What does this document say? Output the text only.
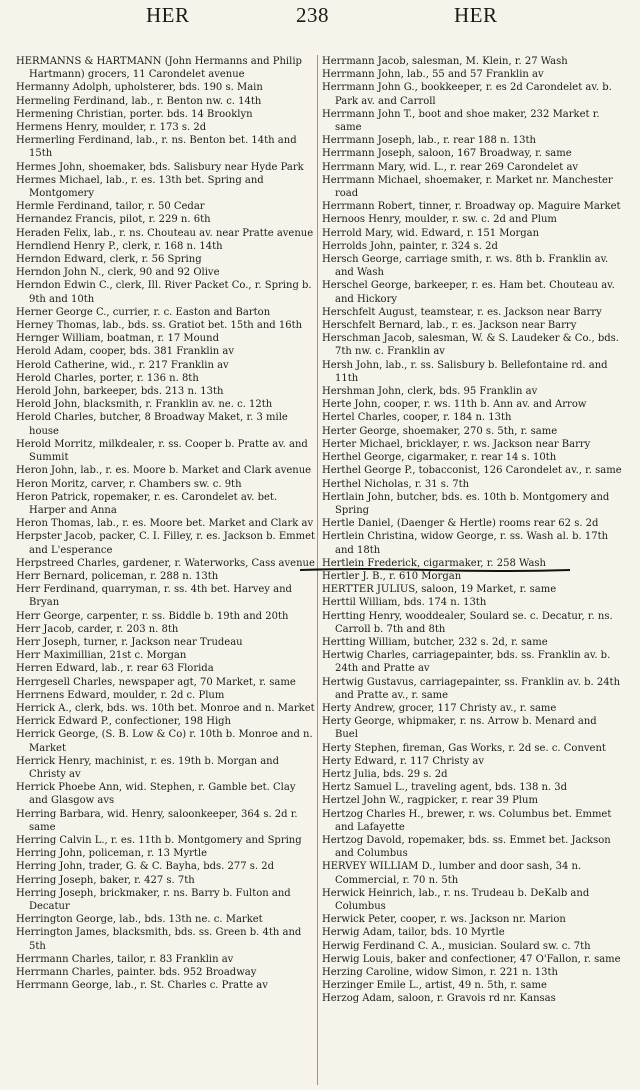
HER	238	HER
HERMANNS & HARTMANN (John Hermanns and Philip Hartmann) grocers, 11 Carondelet avenue
Hermanny Adolph, upholsterer, bds. 190 s. Main
Hermeling Ferdinand, lab., r. Benton nw. c. 14th
Hermening Christian, porter. bds. 14 Brooklyn
Hermens Henry, moulder, r. 173 s. 2d
Hermerling Ferdinand, lab., r. ns. Benton bet. 14th and 15th
Hermes John, shoemaker, bds. Salisbury near Hyde Park
Hermes Michael, lab., r. es. 13th bet. Spring and Montgomery
Hermle Ferdinand, tailor, r. 50 Cedar
Hernandez Francis, pilot, r. 229 n. 6th
Heraden Felix, lab., r. ns. Chouteau av. near Pratte avenue
Herndlend Henry P., clerk, r. 168 n. 14th
Herndon Edward, clerk, r. 56 Spring
Herndon John N., clerk, 90 and 92 Olive
Herndon Edwin C., clerk, Ill. River Packet Co., r. Spring b. 9th and 10th
Herner George C., currier, r. c. Easton and Barton
Herney Thomas, lab., bds. ss. Gratiot bet. 15th and 16th
Hernger William, boatman, r. 17 Mound
Herold Adam, cooper, bds. 381 Franklin av
Herold Catherine, wid., r. 217 Franklin av
Herold Charles, porter, r. 136 n. 8th
Herold John, barkeeper, bds. 213 n. 13th
Herold John, blacksmith, r. Franklin av. ne. c. 12th
Herold Charles, butcher, 8 Broadway Maket, r. 3 mile house
Herold Morritz, milkdealer, r. ss. Cooper b. Pratte av. and Summit
Heron John, lab., r. es. Moore b. Market and Clark avenue
Heron Moritz, carver, r. Chambers sw. c. 9th
Heron Patrick, ropemaker, r. es. Carondelet av. bet. Harper and Anna
Heron Thomas, lab., r. es. Moore bet. Market and Clark av
Herpster Jacob, packer, C. I. Filley, r. es. Jackson b. Emmet and L'esperance
Herpstreed Charles, gardener, r. Waterworks, Cass avenue
Herr Bernard, policeman, r. 288 n. 13th
Herr Ferdinand, quarryman, r. ss. 4th bet. Harvey and Bryan
Herr George, carpenter, r. ss. Biddle b. 19th and 20th
Herr Jacob, carder, r. 203 n. 8th
Herr Joseph, turner, r. Jackson near Trudeau
Herr Maximillian, 21st c. Morgan
Herren Edward, lab., r. rear 63 Florida
Herrgesell Charles, newspaper agt, 70 Market, r. same
Herrnens Edward, moulder, r. 2d c. Plum
Herrick A., clerk, bds. ws. 10th bet. Monroe and n. Market
Herrick Edward P., confectioner, 198 High
Herrick George, (S. B. Low & Co) r. 10th b. Monroe and n. Market
Herrick Henry, machinist, r. es. 19th b. Morgan and Christy av
Herrick Phoebe Ann, wid. Stephen, r. Gamble bet. Clay and Glasgow avs
Herring Barbara, wid. Henry, saloonkeeper, 364 s. 2d r. same
Herring Calvin L., r. es. 11th b. Montgomery and Spring
Herring John, policeman, r. 13 Myrtle
Herring John, trader, G. & C. Bayha, bds. 277 s. 2d
Herring Joseph, baker, r. 427 s. 7th
Herring Joseph, brickmaker, r. ns. Barry b. Fulton and Decatur
Herrington George, lab., bds. 13th ne. c. Market
Herrington James, blacksmith, bds. ss. Green b. 4th and 5th
Herrmann Charles, tailor, r. 83 Franklin av
Herrmann Charles, painter. bds. 952 Broadway
Herrmann George, lab., r. St. Charles c. Pratte av
Herrmann Jacob, salesman, M. Klein, r. 27 Wash
Herrmann John, lab., 55 and 57 Franklin av
Herrmann John G., bookkeeper, r. es 2d Carondelet av. b. Park av. and Carroll
Herrmann John T., boot and shoe maker, 232 Market r. same
Herrmann Joseph, lab., r. rear 188 n. 13th
Herrmann Joseph, saloon, 167 Broadway, r. same
Herrmann Mary, wid. L., r. rear 269 Carondelet av
Herrmann Michael, shoemaker, r. Market nr. Manchester road
Herrmann Robert, tinner, r. Broadway op. Maguire Market
Hernoos Henry, moulder, r. sw. c. 2d and Plum
Herrold Mary, wid. Edward, r. 151 Morgan
Herrolds John, painter, r. 324 s. 2d
Hersch George, carriage smith, r. ws. 8th b. Franklin av. and Wash
Herschel George, barkeeper, r. es. Ham bet. Chouteau av. and Hickory
Herschfelt August, teamstear, r. es. Jackson near Barry
Herschfelt Bernard, lab., r. es. Jackson near Barry
Herschman Jacob, salesman, W. & S. Laudeker & Co., bds. 7th nw. c. Franklin av
Hersh John, lab., r. ss. Salisbury b. Bellefontaine rd. and 11th
Hershman John, clerk, bds. 95 Franklin av
Herte John, cooper, r. ws. 11th b. Ann av. and Arrow
Hertel Charles, cooper, r. 184 n. 13th
Herter George, shoemaker, 270 s. 5th, r. same
Herter Michael, bricklayer, r. ws. Jackson near Barry
Herthel George, cigarmaker, r. rear 14 s. 10th
Herthel George P., tobacconist, 126 Carondelet av., r. same
Herthel Nicholas, r. 31 s. 7th
Hertlain John, butcher, bds. es. 10th b. Montgomery and Spring
Hertle Daniel, (Daenger & Hertle) rooms rear 62 s. 2d
Hertlein Christina, widow George, r. ss. Wash al. b. 17th and 18th
Hertlein Frederick, cigarmaker, r. 258 Wash
Hertler J. B., r. 610 Morgan
HERTTER JULIUS, saloon, 19 Market, r. same
Herttil William, bds. 174 n. 13th
Hertting Henry, wooddealer, Soulard se. c. Decatur, r. ns. Carroll b. 7th and 8th
Hertting William, butcher, 232 s. 2d, r. same
Hertwig Charles, carriagepainter, bds. ss. Franklin av. b. 24th and Pratte av
Hertwig Gustavus, carriagepainter, ss. Franklin av. b. 24th and Pratte av., r. same
Herty Andrew, grocer, 117 Christy av., r. same
Herty George, whipmaker, r. ns. Arrow b. Menard and Buel
Herty Stephen, fireman, Gas Works, r. 2d se. c. Convent
Herty Edward, r. 117 Christy av
Hertz Julia, bds. 29 s. 2d
Hertz Samuel L., traveling agent, bds. 138 n. 3d
Hertzel John W., ragpicker, r. rear 39 Plum
Hertzog Charles H., brewer, r. ws. Columbus bet. Emmet and Lafayette
Hertzog Davold, ropemaker, bds. ss. Emmet bet. Jackson and Columbus
HERVEY WILLIAM D., lumber and door sash, 34 n. Commercial, r. 70 n. 5th
Herwick Heinrich, lab., r. ns. Trudeau b. DeKalb and Columbus
Herwick Peter, cooper, r. ws. Jackson nr. Marion
Herwig Adam, tailor, bds. 10 Myrtle
Herwig Ferdinand C. A., musician. Soulard sw. c. 7th
Herwig Louis, baker and confectioner, 47 O'Fallon, r. same
Herzing Caroline, widow Simon, r. 221 n. 13th
Herzinger Emile L., artist, 49 n. 5th, r. same
Herzog Adam, saloon, r. Gravois rd nr. Kansas
